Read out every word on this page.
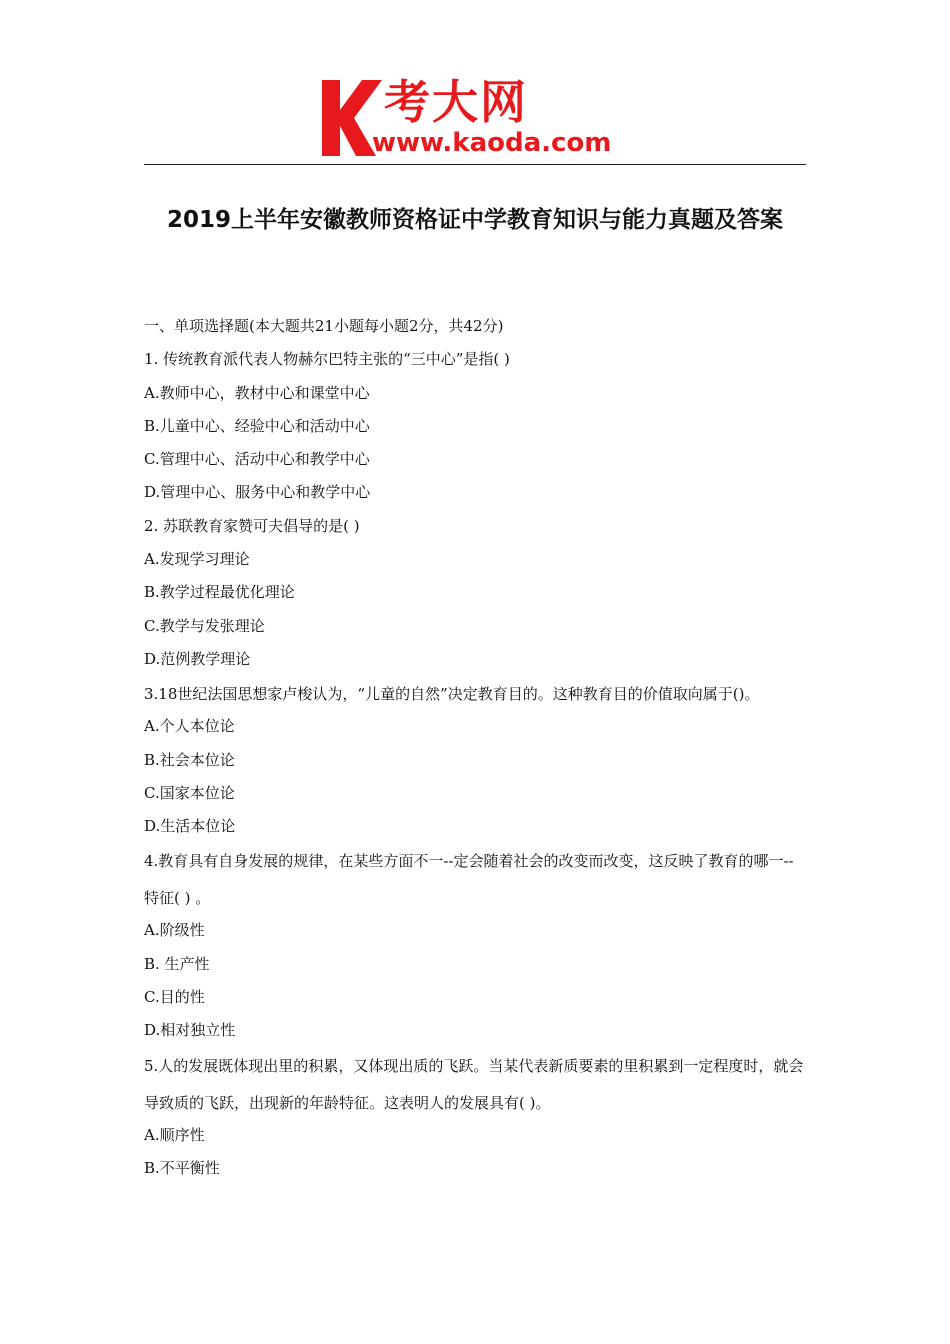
考大网
www.kaoda.com
2019上半年安徽教师资格证中学教育知识与能力真题及答案
一、单项选择题(本大题共21小题每小题2分，共42分)
1. 传统教育派代表人物赫尔巴特主张的“三中心”是指( )
A.教师中心，教材中心和课堂中心
B.儿童中心、经验中心和活动中心
C.管理中心、活动中心和教学中心
D.管理中心、服务中心和教学中心
2. 苏联教育家赞可夫倡导的是( )
A.发现学习理论
B.教学过程最优化理论
C.教学与发张理论
D.范例教学理论
3.18世纪法国思想家卢梭认为，“儿童的自然”决定教育目的。这种教育目的价值取向属于()。
A.个人本位论
B.社会本位论
C.国家本位论
D.生活本位论
4.教育具有自身发展的规律，在某些方面不一--定会随着社会的改变而改变，这反映了教育的哪一--特征( ) 。
A.阶级性
B. 生产性
C.目的性
D.相对独立性
5.人的发展既体现出里的积累，又体现出质的飞跃。当某代表新质要素的里积累到一定程度时，就会导致质的飞跃，出现新的年龄特征。这表明人的发展具有( )。
A.顺序性
B.不平衡性
